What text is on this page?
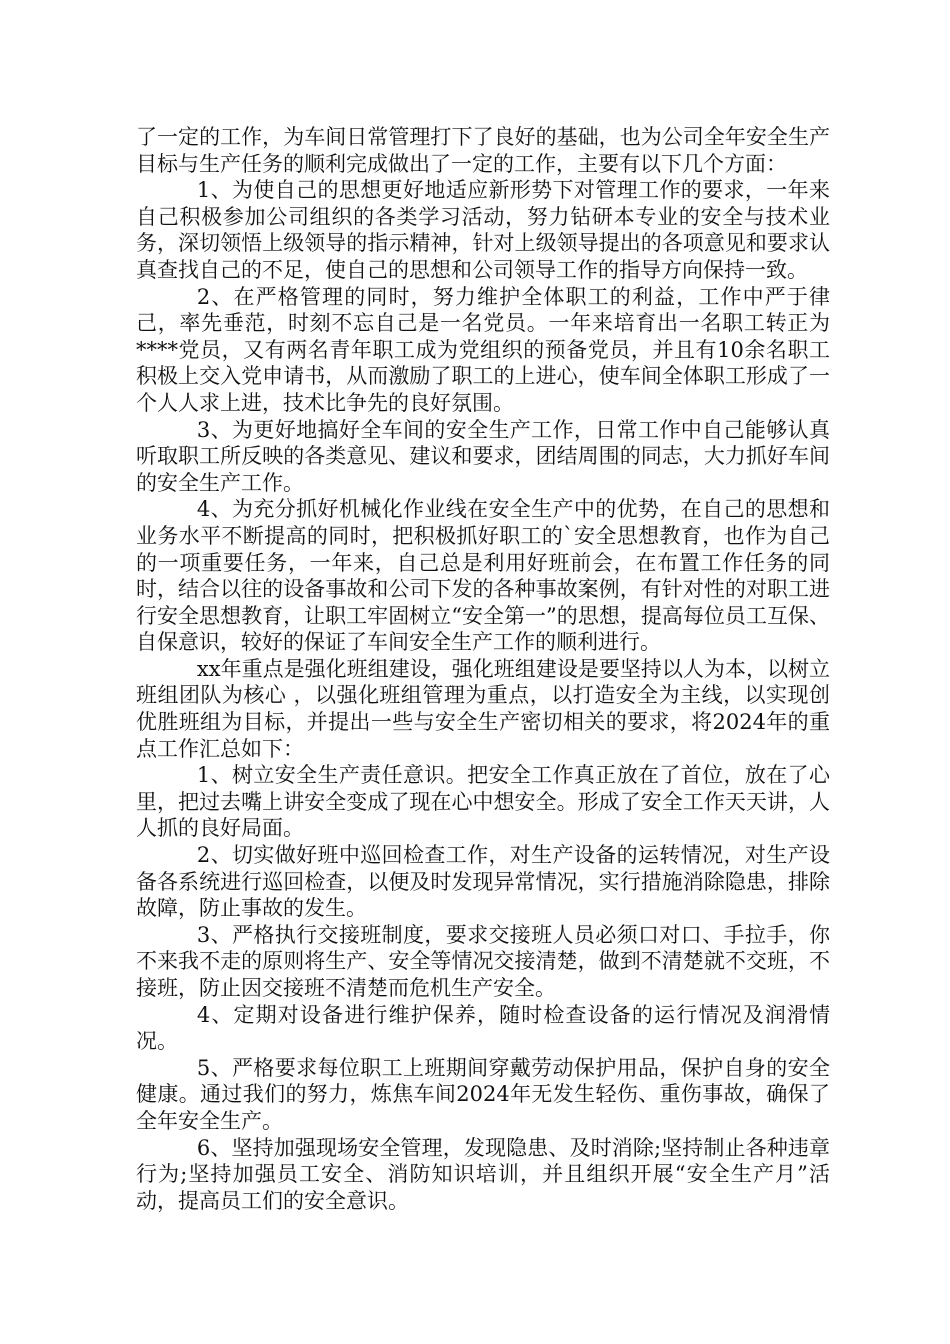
了一定的工作，为车间日常管理打下了良好的基础，也为公司全年安全生产目标与生产任务的顺利完成做出了一定的工作，主要有以下几个方面：

1、为使自己的思想更好地适应新形势下对管理工作的要求，一年来自己积极参加公司组织的各类学习活动，努力钻研本专业的安全与技术业务，深切领悟上级领导的指示精神，针对上级领导提出的各项意见和要求认真查找自己的不足，使自己的思想和公司领导工作的指导方向保持一致。

2、在严格管理的同时，努力维护全体职工的利益，工作中严于律己，率先垂范，时刻不忘自己是一名党员。一年来培育出一名职工转正为****党员，又有两名青年职工成为党组织的预备党员，并且有10余名职工积极上交入党申请书，从而激励了职工的上进心，使车间全体职工形成了一个人人求上进，技术比争先的良好氛围。

3、为更好地搞好全车间的安全生产工作，日常工作中自己能够认真听取职工所反映的各类意见、建议和要求，团结周围的同志，大力抓好车间的安全生产工作。

4、为充分抓好机械化作业线在安全生产中的优势，在自己的思想和业务水平不断提高的同时，把积极抓好职工的`安全思想教育，也作为自己的一项重要任务，一年来，自己总是利用好班前会，在布置工作任务的同时，结合以往的设备事故和公司下发的各种事故案例，有针对性的对职工进行安全思想教育，让职工牢固树立“安全第一”的思想，提高每位员工互保、自保意识，较好的保证了车间安全生产工作的顺利进行。

xx年重点是强化班组建设，强化班组建设是要坚持以人为本，以树立班组团队为核心 ，以强化班组管理为重点，以打造安全为主线，以实现创优胜班组为目标，并提出一些与安全生产密切相关的要求，将2024年的重点工作汇总如下：

1、树立安全生产责任意识。把安全工作真正放在了首位，放在了心里，把过去嘴上讲安全变成了现在心中想安全。形成了安全工作天天讲，人人抓的良好局面。

2、切实做好班中巡回检查工作，对生产设备的运转情况，对生产设备各系统进行巡回检查，以便及时发现异常情况，实行措施消除隐患，排除故障，防止事故的发生。

3、严格执行交接班制度，要求交接班人员必须口对口、手拉手，你不来我不走的原则将生产、安全等情况交接清楚，做到不清楚就不交班，不接班，防止因交接班不清楚而危机生产安全。

4、定期对设备进行维护保养，随时检查设备的运行情况及润滑情况。

5、严格要求每位职工上班期间穿戴劳动保护用品，保护自身的安全健康。通过我们的努力，炼焦车间2024年无发生轻伤、重伤事故，确保了全年安全生产。

6、坚持加强现场安全管理，发现隐患、及时消除;坚持制止各种违章行为;坚持加强员工安全、消防知识培训，并且组织开展“安全生产月”活动，提高员工们的安全意识。
